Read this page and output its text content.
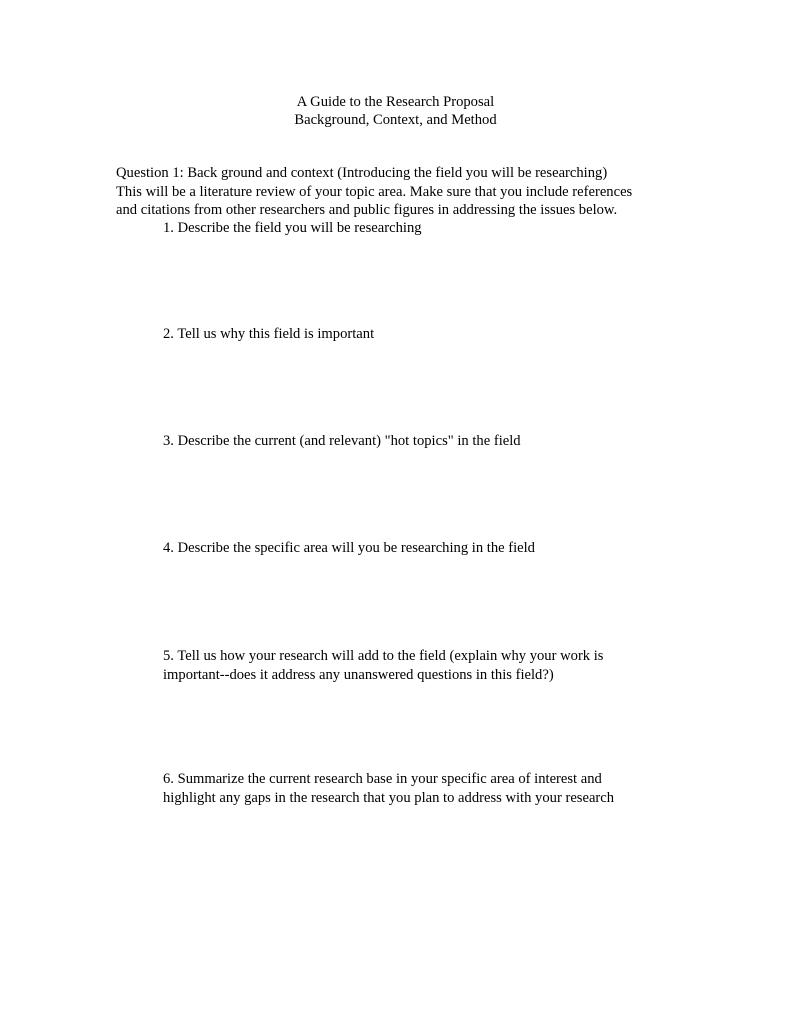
A Guide to the Research Proposal
Background, Context, and Method
Question 1: Back ground and context (Introducing the field you will be researching)
This will be a literature review of your topic area. Make sure that you include references
and citations from other researchers and public figures in addressing the issues below.
1. Describe the field you will be researching
2. Tell us why this field is important
3. Describe the current (and relevant) "hot topics" in the field
4. Describe the specific area will you be researching in the field
5. Tell us how your research will add to the field (explain why your work is
important--does it address any unanswered questions in this field?)
6. Summarize the current research base in your specific area of interest and
highlight any gaps in the research that you plan to address with your research
